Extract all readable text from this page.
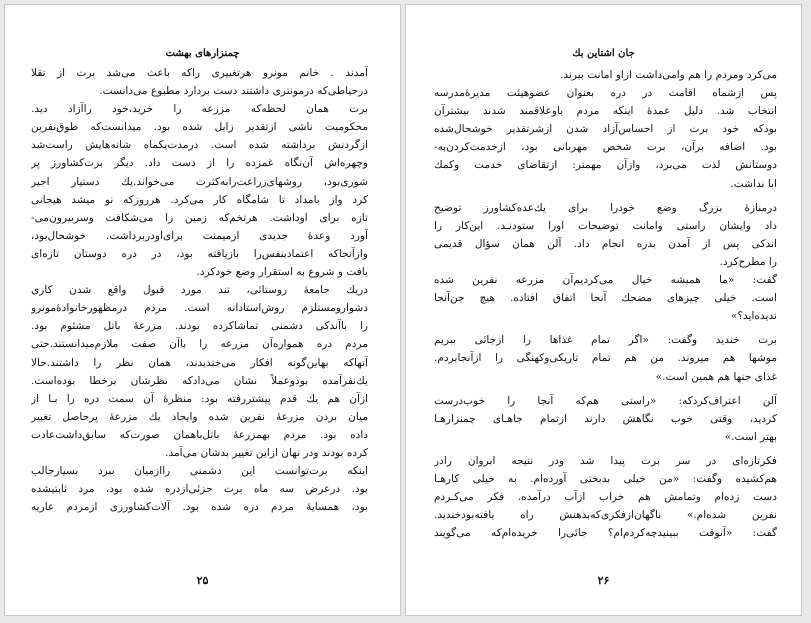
چمنزارهای بهشت
آمدند . خانم مونرو هرتغییری راکه باعث می‌شد برت از تقلا
درحیاطی‌که درمونتری داشتند دست بردارد مطبوع می‌دانست.
برت همان لحظه‌که مزرعه را خرید،خود راآزاد دید.
محکومیت ناشی ازتقدیر زایل شده بود. میدانست‌که طوق‌نفرین
ازگردنش برداشته شده است. درمدت‌یکماه شانه‌هایش راست‌شد
وچهره‌اش آن‌نگاه غمزده را از دست داد. دیگر برت‌کشاورز پر
شوری‌بود، روشهای‌زراعت‌رابه‌کثرت می‌خواند.یك دستیار اجیر
کرد واز بامداد تا شامگاه کار می‌کرد. هرروزکه نو میشد هیجانی
تازه برای اوداشت. هرتخم‌که زمین را می‌شکافت وسربیرون‌می-
آورد وعدهٔ جدیدی ازمیمنت برای‌اودربرداشت. خوشحال‌بود،
وازآنجاکه اعتمادبنفس‌را بازیافته بود، در دره دوستان تازه‌ای
یافت و شروع به استقرار وضع خودکرد.
دریك جامعهٔ روستائی، تند مورد قبول واقع شدن کاری
دشوار‌ومستلزم روش‌استادانه است. مردم درمظهورخانوادهٔ‌مونرو
را باآندکی دشمنی تماشاکرده بودند. مزرعهٔ باتل مشئوم بود.
مردم دره همواره‌آن مزرعه را باآن صفت ملازم‌میدانستند.حتی
آنهاکه بهاین‌گونه افکار می‌خندیدند، همان نظر را داشتند.حالا
یك‌نفرآمده بودوعملاً نشان می‌دادکه نظرشان برخطا بوده‌است.
ازآن هم یك قدم پیشتررفته بود: منظرهٔ آن سمت دره را بـا از
میان بردن مزرعهٔ نفرین شده وایجاد یك مزرعهٔ پرحاصل تغییر
داده بود. مردم بهمزرعهٔ باتل‌باهمان صورت‌که سابق‌داشت‌عادت
کرده بودند ودر نهان ازاین تغییر بدشان می‌آمد.
اینکه برت‌توانست این دشمنی راازمیان ببرد بسیارجالب
بود. درعرض سه ماه برت جزئی‌ازدره شده بود، مرد ثابتیشده
بود، همسایهٔ مردم دره شده بود. آلات‌کشاورزی ازمردم عاریه
۲۵
جان اشتاین بك
می‌کرد ومردم را هم وامی‌داشت ازاو امانت ببرند.
پس ازشماه اقامت در دره بعنوان عضوهیئت مدیرهٔ‌مدرسه
انتخاب شد. دلیل عمدهٔ اینکه مردم باوعلاقمند شدند بیشترآن
بودکه خود برت از احساس‌آزاد شدن ازشرتقدیر خوشحال‌شده
بود. اضافه برآن، برت شخص مهربانی بود، ازخدمت‌کردن‌به-
دوستانش لذت می‌برد، وازآن مهمتر: ازتقاضای خدمت وکمك
ابا نداشت.
درمنازهٔ بزرگ وضع خودرا برای یك‌عده‌کشاورز توضیح
داد وایشان راستی وامانت توضیحات اورا ستودنـد. این‌کار را
اندکی پس از آمدن بدره انجام داد. آلن همان سؤال قدیمی
را مطرح‌کرد.
گفت: «ما همیشه خیال می‌کردیم‌آن مزرعه نفرین شده
است. خیلی چیزهای مضحك آنجا اتفاق افتاده. هیچ جن‌آنجا
ندیده‌اید؟»
برت خندید وگفت: «اگر تمام غذاها را ازجائی ببریم
موشها هم میروند. من هم تمام تاریکی‌وکهنگی را ازآنجابردم.
غذای جنها هم همین است.»
آلن اعتراف‌کردکه: «راستی هم‌که آنجا را خوب‌درست
کردید، وقتی خوب نگاهش دارند ازتمام جاهـای چمنزارهـا
بهتر است.»
فکرتازه‌ای در سر برت پیدا شد ودر نتیجه ابروان رادر
هم‌کشیده وگفت: «من خیلی بدبختی آورده‌ام. به خیلی کارهـا
دست زده‌ام وتمامش هم خراب ازآب درآمده. فکر می‌کـردم
نفرین شده‌ام.» ناگهان‌ازفکری‌که‌بذهنش راه یافته‌بودخندید.
گفت: «آنوقت ببینیدچه‌کردم‌ام؟ جائی‌را خریده‌ام‌که می‌گویند
۲۶
